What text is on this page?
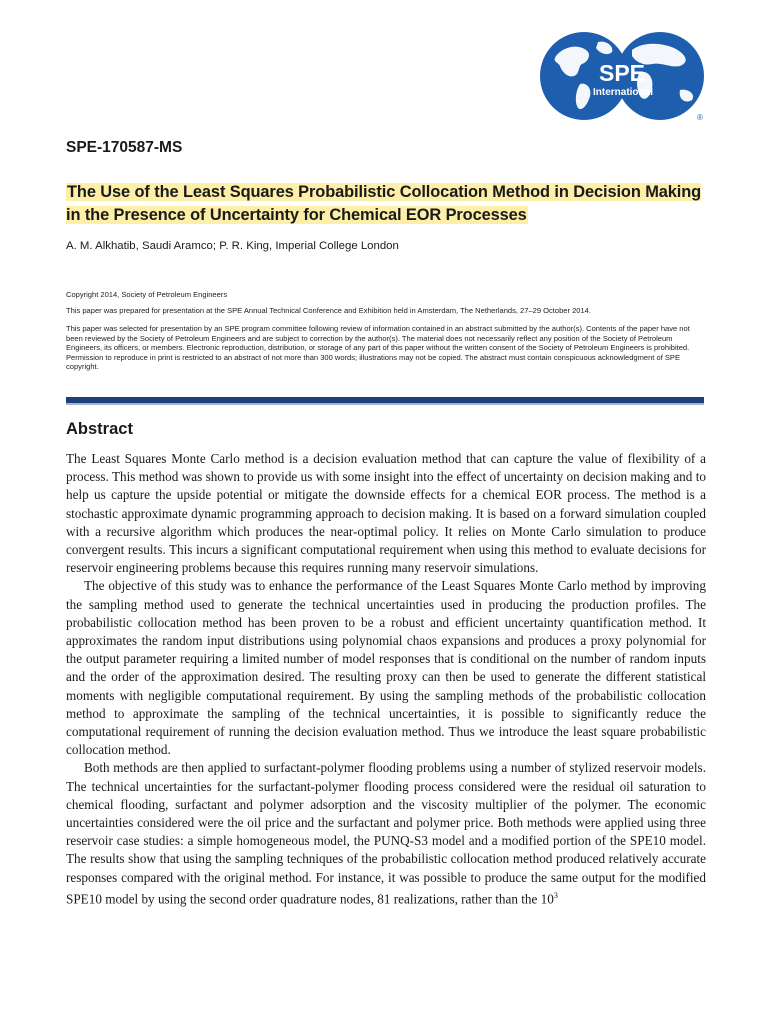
SPE
International
®
SPE-170587-MS
The Use of the Least Squares Probabilistic Collocation Method in Decision Making in the Presence of Uncertainty for Chemical EOR Processes
A. M. Alkhatib, Saudi Aramco; P. R. King, Imperial College London
Copyright 2014, Society of Petroleum Engineers
This paper was prepared for presentation at the SPE Annual Technical Conference and Exhibition held in Amsterdam, The Netherlands, 27–29 October 2014.
This paper was selected for presentation by an SPE program committee following review of information contained in an abstract submitted by the author(s). Contents of the paper have not been reviewed by the Society of Petroleum Engineers and are subject to correction by the author(s). The material does not necessarily reflect any position of the Society of Petroleum Engineers, its officers, or members. Electronic reproduction, distribution, or storage of any part of this paper without the written consent of the Society of Petroleum Engineers is prohibited. Permission to reproduce in print is restricted to an abstract of not more than 300 words; illustrations may not be copied. The abstract must contain conspicuous acknowledgment of SPE copyright.
Abstract

The Least Squares Monte Carlo method is a decision evaluation method that can capture the value of flexibility of a process. This method was shown to provide us with some insight into the effect of uncertainty on decision making and to help us capture the upside potential or mitigate the downside effects for a chemical EOR process. The method is a stochastic approximate dynamic programming approach to decision making. It is based on a forward simulation coupled with a recursive algorithm which produces the near-optimal policy. It relies on Monte Carlo simulation to produce convergent results. This incurs a significant computational requirement when using this method to evaluate decisions for reservoir engineering problems because this requires running many reservoir simulations.

The objective of this study was to enhance the performance of the Least Squares Monte Carlo method by improving the sampling method used to generate the technical uncertainties used in producing the production profiles. The probabilistic collocation method has been proven to be a robust and efficient uncertainty quantification method. It approximates the random input distributions using polynomial chaos expansions and produces a proxy polynomial for the output parameter requiring a limited number of model responses that is conditional on the number of random inputs and the order of the approximation desired. The resulting proxy can then be used to generate the different statistical moments with negligible computational requirement. By using the sampling methods of the probabilistic collocation method to approximate the sampling of the technical uncertainties, it is possible to significantly reduce the computational requirement of running the decision evaluation method. Thus we introduce the least square probabilistic collocation method.

Both methods are then applied to surfactant-polymer flooding problems using a number of stylized reservoir models. The technical uncertainties for the surfactant-polymer flooding process considered were the residual oil saturation to chemical flooding, surfactant and polymer adsorption and the viscosity multiplier of the polymer. The economic uncertainties considered were the oil price and the surfactant and polymer price. Both methods were applied using three reservoir case studies: a simple homogeneous model, the PUNQ-S3 model and a modified portion of the SPE10 model. The results show that using the sampling techniques of the probabilistic collocation method produced relatively accurate responses compared with the original method. For instance, it was possible to produce the same output for the modified SPE10 model by using the second order quadrature nodes, 81 realizations, rather than the $10^3$
